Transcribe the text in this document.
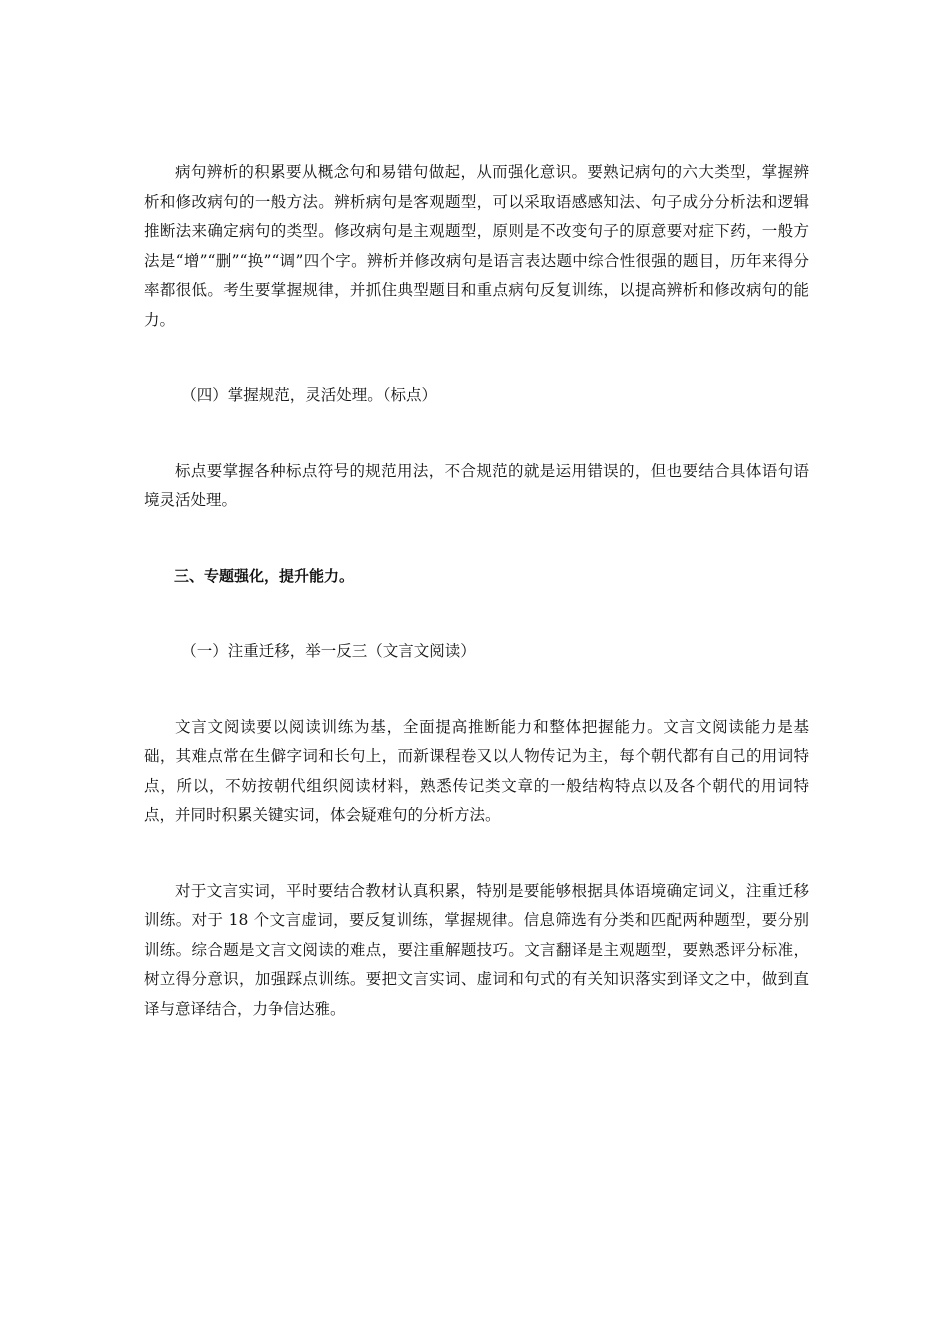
病句辨析的积累要从概念句和易错句做起，从而强化意识。要熟记病句的六大类型，掌握辨析和修改病句的一般方法。辨析病句是客观题型，可以采取语感感知法、句子成分分析法和逻辑推断法来确定病句的类型。修改病句是主观题型，原则是不改变句子的原意要对症下药，一般方法是“增”“删”“换”“调”四个字。辨析并修改病句是语言表达题中综合性很强的题目，历年来得分率都很低。考生要掌握规律，并抓住典型题目和重点病句反复训练，以提高辨析和修改病句的能力。

（四）掌握规范，灵活处理。（标点）

标点要掌握各种标点符号的规范用法，不合规范的就是运用错误的，但也要结合具体语句语境灵活处理。

三、专题强化，提升能力。

（一）注重迁移，举一反三（文言文阅读）

文言文阅读要以阅读训练为基，全面提高推断能力和整体把握能力。文言文阅读能力是基础，其难点常在生僻字词和长句上，而新课程卷又以人物传记为主，每个朝代都有自己的用词特点，所以，不妨按朝代组织阅读材料，熟悉传记类文章的一般结构特点以及各个朝代的用词特点，并同时积累关键实词，体会疑难句的分析方法。

对于文言实词，平时要结合教材认真积累，特别是要能够根据具体语境确定词义，注重迁移训练。对于 18 个文言虚词，要反复训练，掌握规律。信息筛选有分类和匹配两种题型，要分别训练。综合题是文言文阅读的难点，要注重解题技巧。文言翻译是主观题型，要熟悉评分标准，树立得分意识，加强踩点训练。要把文言实词、虚词和句式的有关知识落实到译文之中，做到直译与意译结合，力争信达雅。
